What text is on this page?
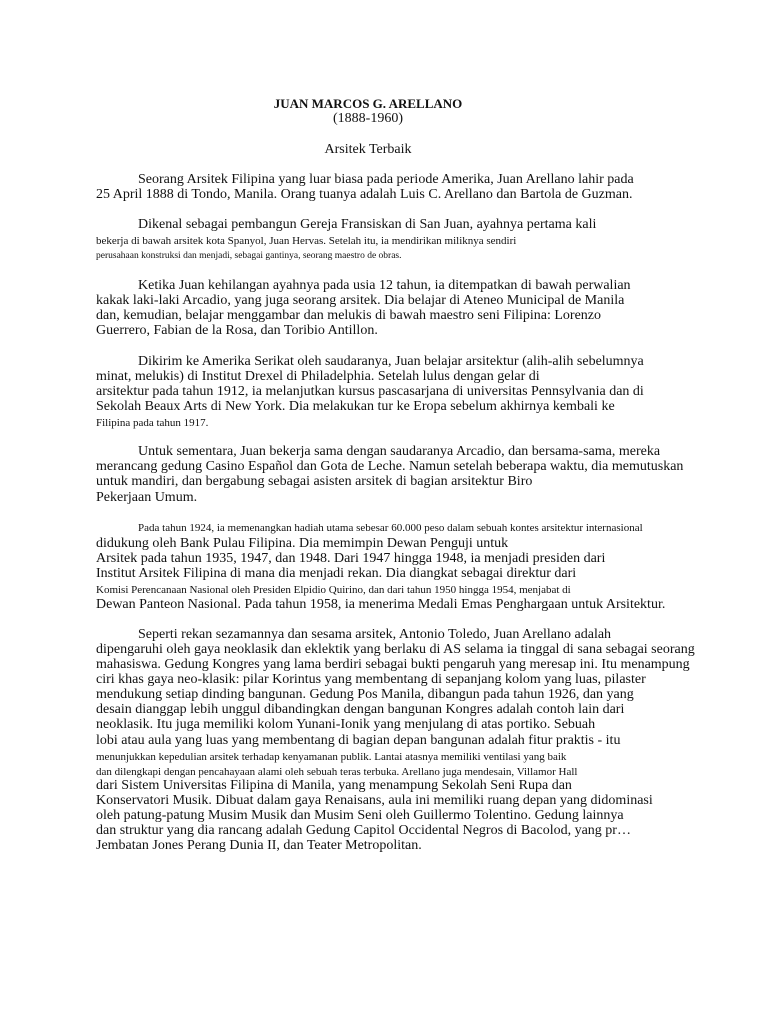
JUAN MARCOS G. ARELLANO
(1888-1960)
Arsitek Terbaik
Seorang Arsitek Filipina yang luar biasa pada periode Amerika, Juan Arellano lahir pada
25 April 1888 di Tondo, Manila. Orang tuanya adalah Luis C. Arellano dan Bartola de Guzman.
Dikenal sebagai pembangun Gereja Fransiskan di San Juan, ayahnya pertama kali
bekerja di bawah arsitek kota Spanyol, Juan Hervas. Setelah itu, ia mendirikan miliknya sendiri
perusahaan konstruksi dan menjadi, sebagai gantinya, seorang maestro de obras.
Ketika Juan kehilangan ayahnya pada usia 12 tahun, ia ditempatkan di bawah perwalian
kakak laki-laki Arcadio, yang juga seorang arsitek. Dia belajar di Ateneo Municipal de Manila
dan, kemudian, belajar menggambar dan melukis di bawah maestro seni Filipina: Lorenzo
Guerrero, Fabian de la Rosa, dan Toribio Antillon.
Dikirim ke Amerika Serikat oleh saudaranya, Juan belajar arsitektur (alih-alih sebelumnya
minat, melukis) di Institut Drexel di Philadelphia. Setelah lulus dengan gelar di
arsitektur pada tahun 1912, ia melanjutkan kursus pascasarjana di universitas Pennsylvania dan di
Sekolah Beaux Arts di New York. Dia melakukan tur ke Eropa sebelum akhirnya kembali ke
Filipina pada tahun 1917.
Untuk sementara, Juan bekerja sama dengan saudaranya Arcadio, dan bersama-sama, mereka
merancang gedung Casino Español dan Gota de Leche. Namun setelah beberapa waktu, dia memutuskan
untuk mandiri, dan bergabung sebagai asisten arsitek di bagian arsitektur Biro
Pekerjaan Umum.
Pada tahun 1924, ia memenangkan hadiah utama sebesar 60.000 peso dalam sebuah kontes arsitektur internasional
didukung oleh Bank Pulau Filipina. Dia memimpin Dewan Penguji untuk
Arsitek pada tahun 1935, 1947, dan 1948. Dari 1947 hingga 1948, ia menjadi presiden dari
Institut Arsitek Filipina di mana dia menjadi rekan. Dia diangkat sebagai direktur dari
Komisi Perencanaan Nasional oleh Presiden Elpidio Quirino, dan dari tahun 1950 hingga 1954, menjabat di
Dewan Panteon Nasional. Pada tahun 1958, ia menerima Medali Emas Penghargaan untuk Arsitektur.
Seperti rekan sezamannya dan sesama arsitek, Antonio Toledo, Juan Arellano adalah
dipengaruhi oleh gaya neoklasik dan eklektik yang berlaku di AS selama ia tinggal di sana sebagai seorang
mahasiswa. Gedung Kongres yang lama berdiri sebagai bukti pengaruh yang meresap ini. Itu menampung
ciri khas gaya neo-klasik: pilar Korintus yang membentang di sepanjang kolom yang luas, pilaster
mendukung setiap dinding bangunan. Gedung Pos Manila, dibangun pada tahun 1926, dan yang
desain dianggap lebih unggul dibandingkan dengan bangunan Kongres adalah contoh lain dari
neoklasik. Itu juga memiliki kolom Yunani-Ionik yang menjulang di atas portiko. Sebuah
lobi atau aula yang luas yang membentang di bagian depan bangunan adalah fitur praktis - itu
menunjukkan kepedulian arsitek terhadap kenyamanan publik. Lantai atasnya memiliki ventilasi yang baik
dan dilengkapi dengan pencahayaan alami oleh sebuah teras terbuka. Arellano juga mendesain, Villamor Hall
dari Sistem Universitas Filipina di Manila, yang menampung Sekolah Seni Rupa dan
Konservatori Musik. Dibuat dalam gaya Renaisans, aula ini memiliki ruang depan yang didominasi
oleh patung-patung Musim Musik dan Musim Seni oleh Guillermo Tolentino. Gedung lainnya
dan struktur yang dia rancang adalah Gedung Capitol Occidental Negros di Bacolod, yang pr…
Jembatan Jones Perang Dunia II, dan Teater Metropolitan.
